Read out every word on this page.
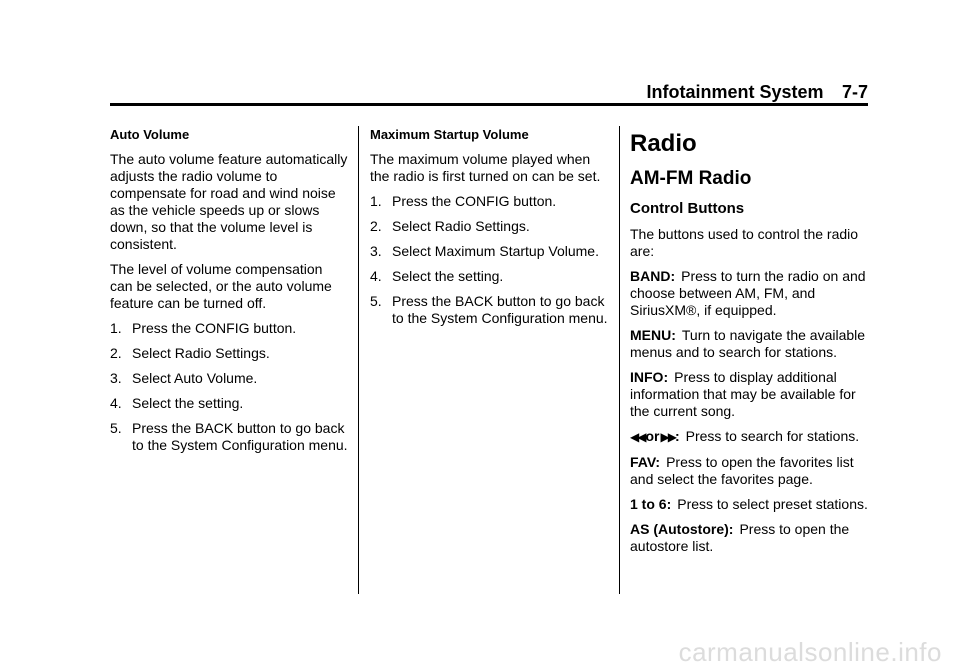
Infotainment System 7-7
Auto Volume

The auto volume feature automatically adjusts the radio volume to compensate for road and wind noise as the vehicle speeds up or slows down, so that the volume level is consistent.

The level of volume compensation can be selected, or the auto volume feature can be turned off.

1. Press the CONFIG button.
2. Select Radio Settings.
3. Select Auto Volume.
4. Select the setting.
5. Press the BACK button to go back to the System Configuration menu.
Maximum Startup Volume

The maximum volume played when the radio is first turned on can be set.

1. Press the CONFIG button.
2. Select Radio Settings.
3. Select Maximum Startup Volume.
4. Select the setting.
5. Press the BACK button to go back to the System Configuration menu.
Radio
AM-FM Radio
Control Buttons

The buttons used to control the radio are:

BAND: Press to turn the radio on and choose between AM, FM, and SiriusXM®, if equipped.

MENU: Turn to navigate the available menus and to search for stations.

INFO: Press to display additional information that may be available for the current song.

◀◀or▶▶: Press to search for stations.

FAV: Press to open the favorites list and select the favorites page.

1 to 6: Press to select preset stations.

AS (Autostore): Press to open the autostore list.

carmanualsonline.info
